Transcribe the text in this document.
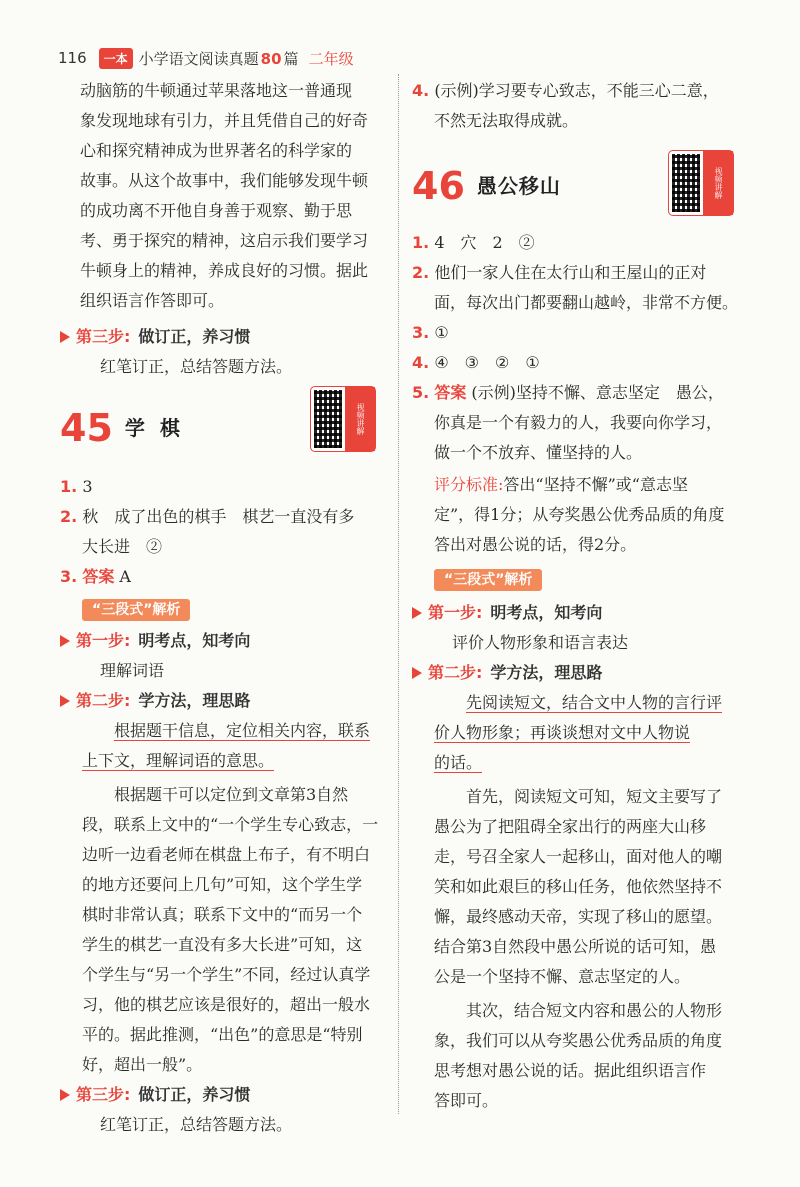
116	一本 小学语文阅读真题 80 篇 二年级

动脑筋的牛顿通过苹果落地这一普通现

象发现地球有引力，并且凭借自己的好奇

心和探究精神成为世界著名的科学家的

故事。从这个故事中，我们能够发现牛顿

的成功离不开他自身善于观察、勤于思

考、勇于探究的精神，这启示我们要学习

牛顿身上的精神，养成良好的习惯。据此

组织语言作答即可。

第三步: 做订正，养习惯

红笔订正，总结答题方法。

45 学 棋	视频讲解

1. 3

2. 秋　成了出色的棋手　棋艺一直没有多

大长进　②

3. 答案 A

“三段式”解析
第一步: 明考点，知考向

理解词语

第二步: 学方法，理思路

根据题干信息，定位相关内容，联系

上下文，理解词语的意思。

根据题干可以定位到文章第3自然

段，联系上文中的“一个学生专心致志，一

边听一边看老师在棋盘上布子，有不明白

的地方还要问上几句”可知，这个学生学

棋时非常认真；联系下文中的“而另一个

学生的棋艺一直没有多大长进”可知，这

个学生与“另一个学生”不同，经过认真学

习，他的棋艺应该是很好的，超出一般水

平的。据此推测，“出色”的意思是“特别

好，超出一般”。

第三步: 做订正，养习惯

红笔订正，总结答题方法。

4. (示例)学习要专心致志，不能三心二意，

不然无法取得成就。

46 愚公移山	视频讲解

1. 4　穴　2　②

2. 他们一家人住在太行山和王屋山的正对

面，每次出门都要翻山越岭，非常不方便。

3. ①

4. ④　③　②　①

5. 答案 (示例)坚持不懈、意志坚定　愚公，

你真是一个有毅力的人，我要向你学习，

做一个不放弃、懂坚持的人。

评分标准:答出“坚持不懈”或“意志坚

定”，得1分；从夸奖愚公优秀品质的角度

答出对愚公说的话，得2分。

“三段式”解析
第一步: 明考点，知考向

评价人物形象和语言表达

第二步: 学方法，理思路

先阅读短文，结合文中人物的言行评

价人物形象；再谈谈想对文中人物说

的话。

首先，阅读短文可知，短文主要写了

愚公为了把阻碍全家出行的两座大山移

走，号召全家人一起移山，面对他人的嘲

笑和如此艰巨的移山任务，他依然坚持不

懈，最终感动天帝，实现了移山的愿望。

结合第3自然段中愚公所说的话可知，愚

公是一个坚持不懈、意志坚定的人。

其次，结合短文内容和愚公的人物形

象，我们可以从夸奖愚公优秀品质的角度

思考想对愚公说的话。据此组织语言作

答即可。
